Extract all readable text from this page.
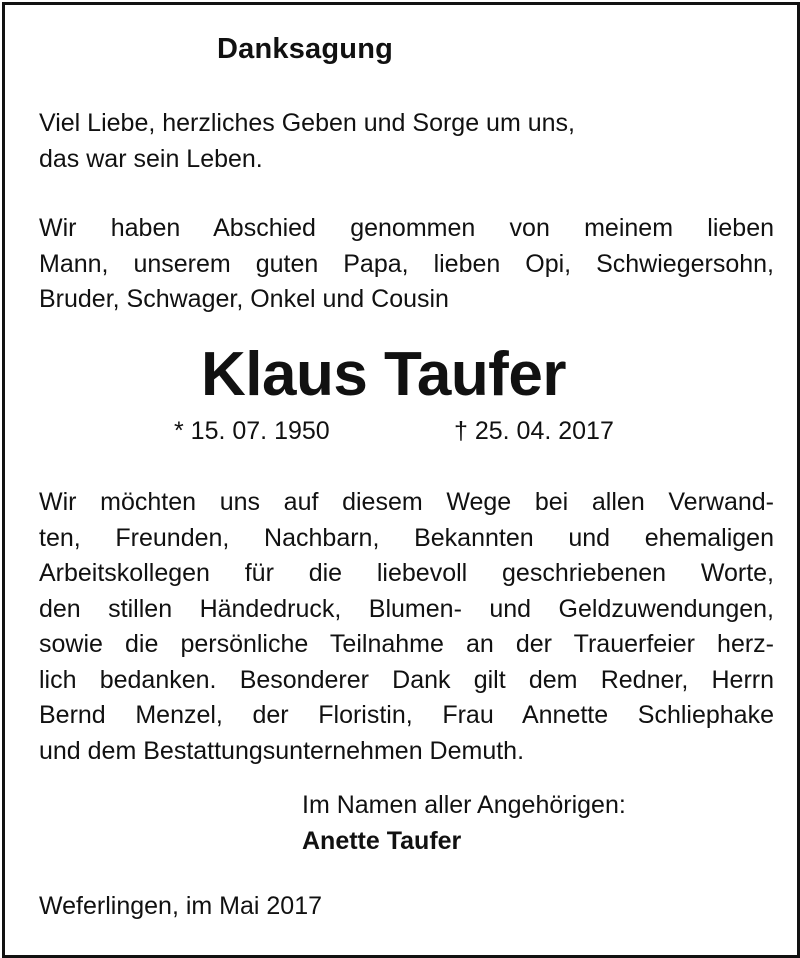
Danksagung
Viel Liebe, herzliches Geben und Sorge um uns,
das war sein Leben.
Wir haben Abschied genommen von meinem lieben
Mann, unserem guten Papa, lieben Opi, Schwiegersohn,
Bruder, Schwager, Onkel und Cousin
Klaus Taufer
* 15. 07. 1950	† 25. 04. 2017
Wir möchten uns auf diesem Wege bei allen Verwand-
ten, Freunden, Nachbarn, Bekannten und ehemaligen
Arbeitskollegen für die liebevoll geschriebenen Worte,
den stillen Händedruck, Blumen- und Geldzuwendungen,
sowie die persönliche Teilnahme an der Trauerfeier herz-
lich bedanken. Besonderer Dank gilt dem Redner, Herrn
Bernd Menzel, der Floristin, Frau Annette Schliephake
und dem Bestattungsunternehmen Demuth.
Im Namen aller Angehörigen:
Anette Taufer
Weferlingen, im Mai 2017
